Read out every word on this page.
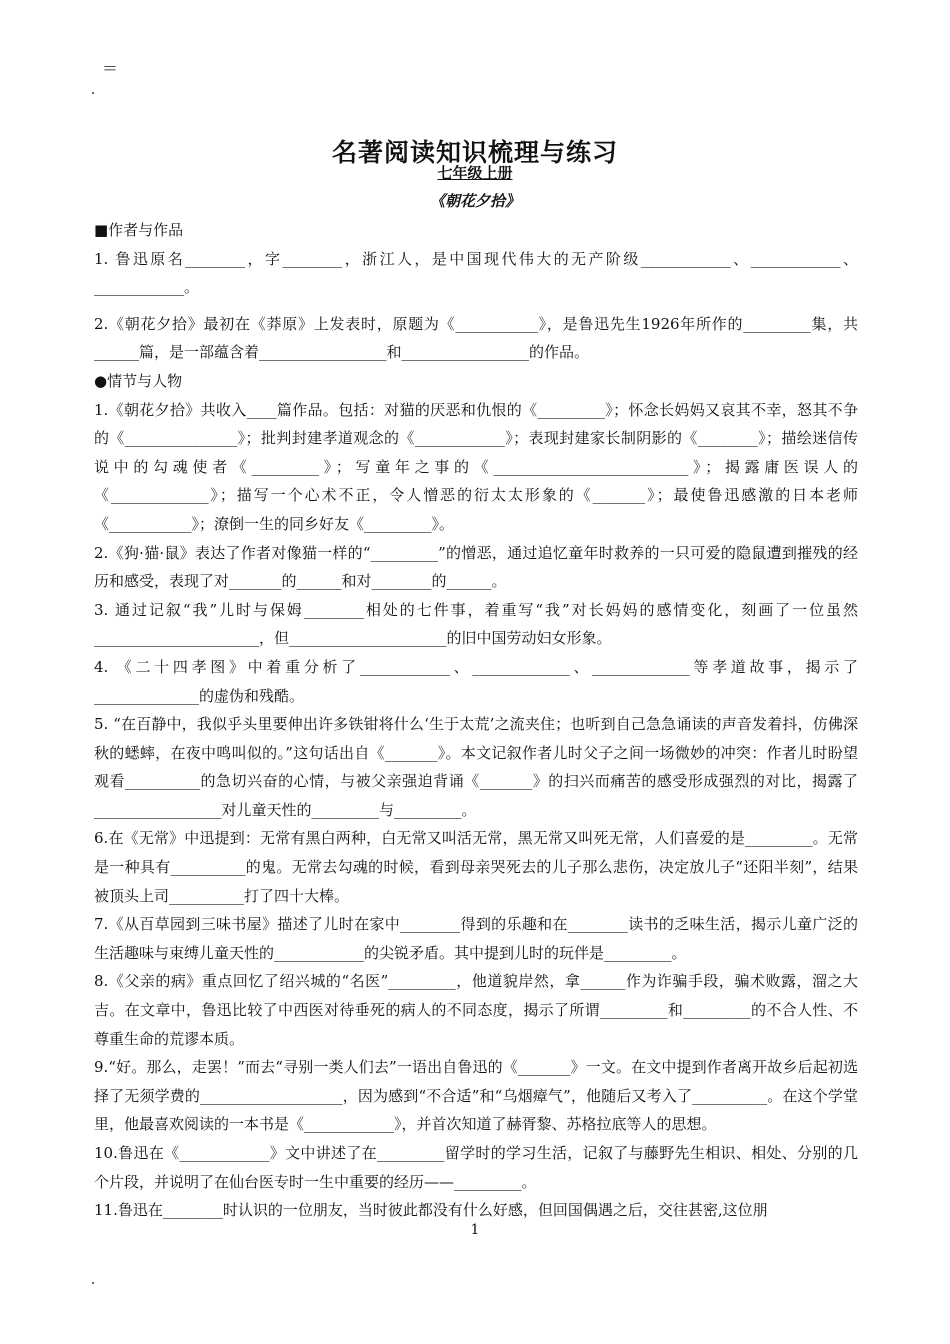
＝
名著阅读知识梳理与练习
七年级上册
《朝花夕拾》

■作者与作品

1. 鲁迅原名________，字________，浙江人，是中国现代伟大的无产阶级____________、____________、____________。

2.《朝花夕拾》最初在《莽原》上发表时，原题为《___________》，是鲁迅先生1926年所作的_________集，共______篇，是一部蕴含着_________________和_________________的作品。

●情节与人物

1.《朝花夕拾》共收入____篇作品。包括：对猫的厌恶和仇恨的《_________》；怀念长妈妈又哀其不幸，怒其不争的《_______________》；批判封建孝道观念的《____________》；表现封建家长制阴影的《________》；描绘迷信传说中的勾魂使者《_________》；写童年之事的《__________________________》；揭露庸医误人的《_____________》；描写一个心术不正，令人憎恶的衍太太形象的《_______》；最使鲁迅感激的日本老师《___________》；潦倒一生的同乡好友《_________》。

2.《狗·猫·鼠》表达了作者对像猫一样的“_________”的憎恶，通过追忆童年时救养的一只可爱的隐鼠遭到摧残的经历和感受，表现了对_______的______和对________的______。

3. 通过记叙“我”儿时与保姆________相处的七件事，着重写“我”对长妈妈的感情变化，刻画了一位虽然______________________，但_____________________的旧中国劳动妇女形象。

4. 《二十四孝图》中着重分析了____________、_____________、_____________等孝道故事，揭示了______________的虚伪和残酷。

5. “在百静中，我似乎头里要伸出许多铁钳将什么‘生于太荒’之流夹住；也听到自己急急诵读的声音发着抖，仿佛深秋的蟋蟀，在夜中鸣叫似的。”这句话出自《_______》。本文记叙作者儿时父子之间一场微妙的冲突：作者儿时盼望观看__________的急切兴奋的心情，与被父亲强迫背诵《_______》的扫兴而痛苦的感受形成强烈的对比，揭露了_________________对儿童天性的_________与_________。

6.在《无常》中迅提到：无常有黑白两种，白无常又叫活无常，黑无常又叫死无常，人们喜爱的是_________。无常是一种具有__________的鬼。无常去勾魂的时候，看到母亲哭死去的儿子那么悲伤，决定放儿子“还阳半刻”，结果被顶头上司__________打了四十大棒。

7.《从百草园到三味书屋》描述了儿时在家中________得到的乐趣和在________读书的乏味生活，揭示儿童广泛的生活趣味与束缚儿童天性的____________的尖锐矛盾。其中提到儿时的玩伴是_________。

8.《父亲的病》重点回忆了绍兴城的“名医”_________，他道貌岸然，拿______作为诈骗手段，骗术败露，溜之大吉。在文章中，鲁迅比较了中西医对待垂死的病人的不同态度，揭示了所谓_________和_________的不合人性、不尊重生命的荒谬本质。

9.“好。那么，走罢！”而去“寻别一类人们去”一语出自鲁迅的《_______》一文。在文中提到作者离开故乡后起初选择了无须学费的___________________，因为感到“不合适”和“乌烟瘴气”，他随后又考入了__________。在这个学堂里，他最喜欢阅读的一本书是《____________》，并首次知道了赫胥黎、苏格拉底等人的思想。

10.鲁迅在《____________》文中讲述了在_________留学时的学习生活，记叙了与藤野先生相识、相处、分别的几个片段，并说明了在仙台医专时一生中重要的经历——_________。

11.鲁迅在________时认识的一位朋友，当时彼此都没有什么好感，但回国偶遇之后，交往甚密,这位朋

1
